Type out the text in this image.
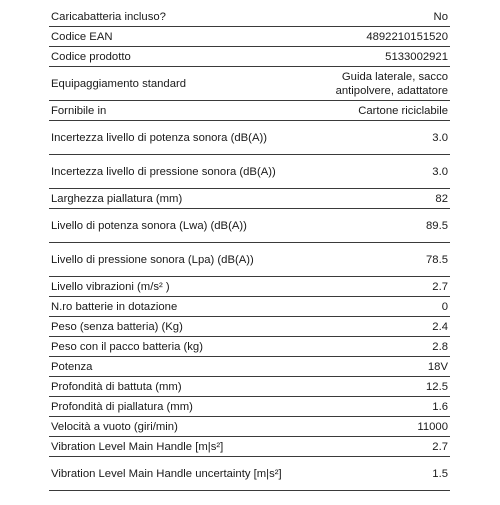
Caricabatteria incluso?	No
Codice EAN	4892210151520
Codice prodotto	5133002921
Equipaggiamento standard	Guida laterale, sacco antipolvere, adattatore
Fornibile in	Cartone riciclabile
Incertezza livello di potenza sonora (dB(A))	3.0
Incertezza livello di pressione sonora (dB(A))	3.0
Larghezza piallatura (mm)	82
Livello di potenza sonora (Lwa) (dB(A))	89.5
Livello di pressione sonora (Lpa) (dB(A))	78.5
Livello vibrazioni (m/s² )	2.7
N.ro batterie in dotazione	0
Peso (senza batteria) (Kg)	2.4
Peso con il pacco batteria (kg)	2.8
Potenza	18V
Profondità di battuta (mm)	12.5
Profondità di piallatura (mm)	1.6
Velocità a vuoto (giri/min)	11000
Vibration Level Main Handle [m|s²]	2.7
Vibration Level Main Handle uncertainty [m|s²]	1.5
